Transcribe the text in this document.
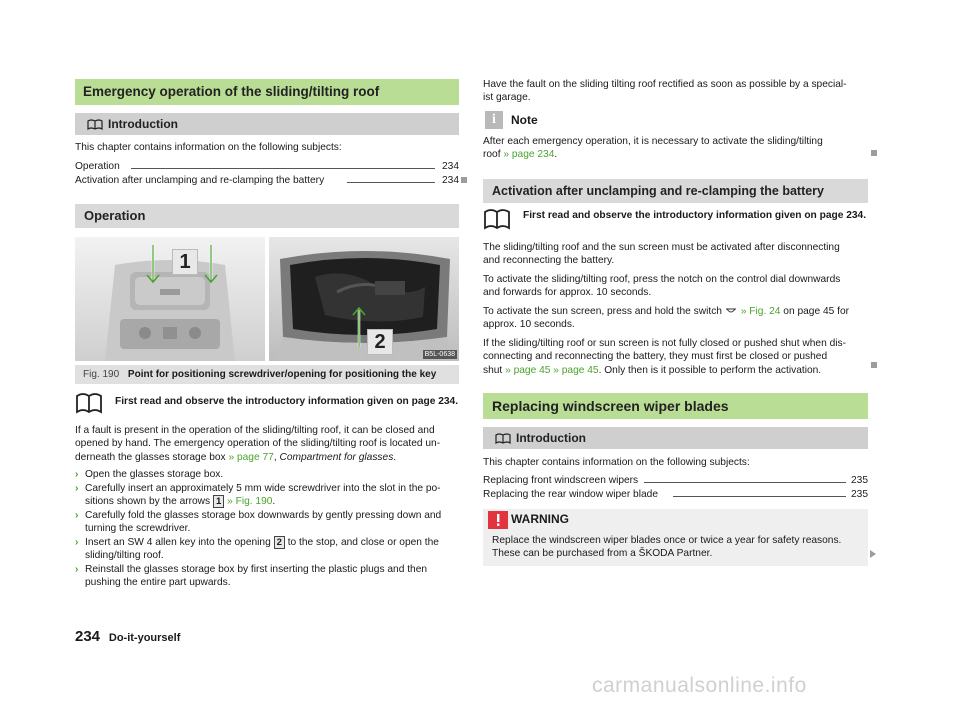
Emergency operation of the sliding/tilting roof
Introduction
This chapter contains information on the following subjects:
Operation	234
Activation after unclamping and re-clamping the battery	234
Operation
1
2
B5L-0638
Fig. 190 Point for positioning screwdriver/opening for positioning the key
First read and observe the introductory information given on page 234.
If a fault is present in the operation of the sliding/tilting roof, it can be closed and
opened by hand. The emergency operation of the sliding/tilting roof is located un-
derneath the glasses storage box » page 77, Compartment for glasses.
› Open the glasses storage box.
› Carefully insert an approximately 5 mm wide screwdriver into the slot in the po-
sitions shown by the arrows 1 » Fig. 190.
› Carefully fold the glasses storage box downwards by gently pressing down and
turning the screwdriver.
› Insert an SW 4 allen key into the opening 2 to the stop, and close or open the
sliding/tilting roof.
› Reinstall the glasses storage box by first inserting the plastic plugs and then
pushing the entire part upwards.
Have the fault on the sliding tilting roof rectified as soon as possible by a special-
ist garage.
i	Note
After each emergency operation, it is necessary to activate the sliding/tilting
roof » page 234.
Activation after unclamping and re-clamping the battery
First read and observe the introductory information given on page 234.
The sliding/tilting roof and the sun screen must be activated after disconnecting
and reconnecting the battery.
To activate the sliding/tilting roof, press the notch on the control dial downwards
and forwards for approx. 10 seconds.
To activate the sun screen, press and hold the switch » Fig. 24 on page 45 for
approx. 10 seconds.
If the sliding/tilting roof or sun screen is not fully closed or pushed shut when dis-
connecting and reconnecting the battery, they must first be closed or pushed
shut » page 45 » page 45. Only then is it possible to perform the activation.
Replacing windscreen wiper blades
Introduction
This chapter contains information on the following subjects:
Replacing front windscreen wipers	235
Replacing the rear window wiper blade	235
WARNING
Replace the windscreen wiper blades once or twice a year for safety reasons.
These can be purchased from a ŠKODA Partner.
234 Do-it-yourself
carmanualsonline.info
